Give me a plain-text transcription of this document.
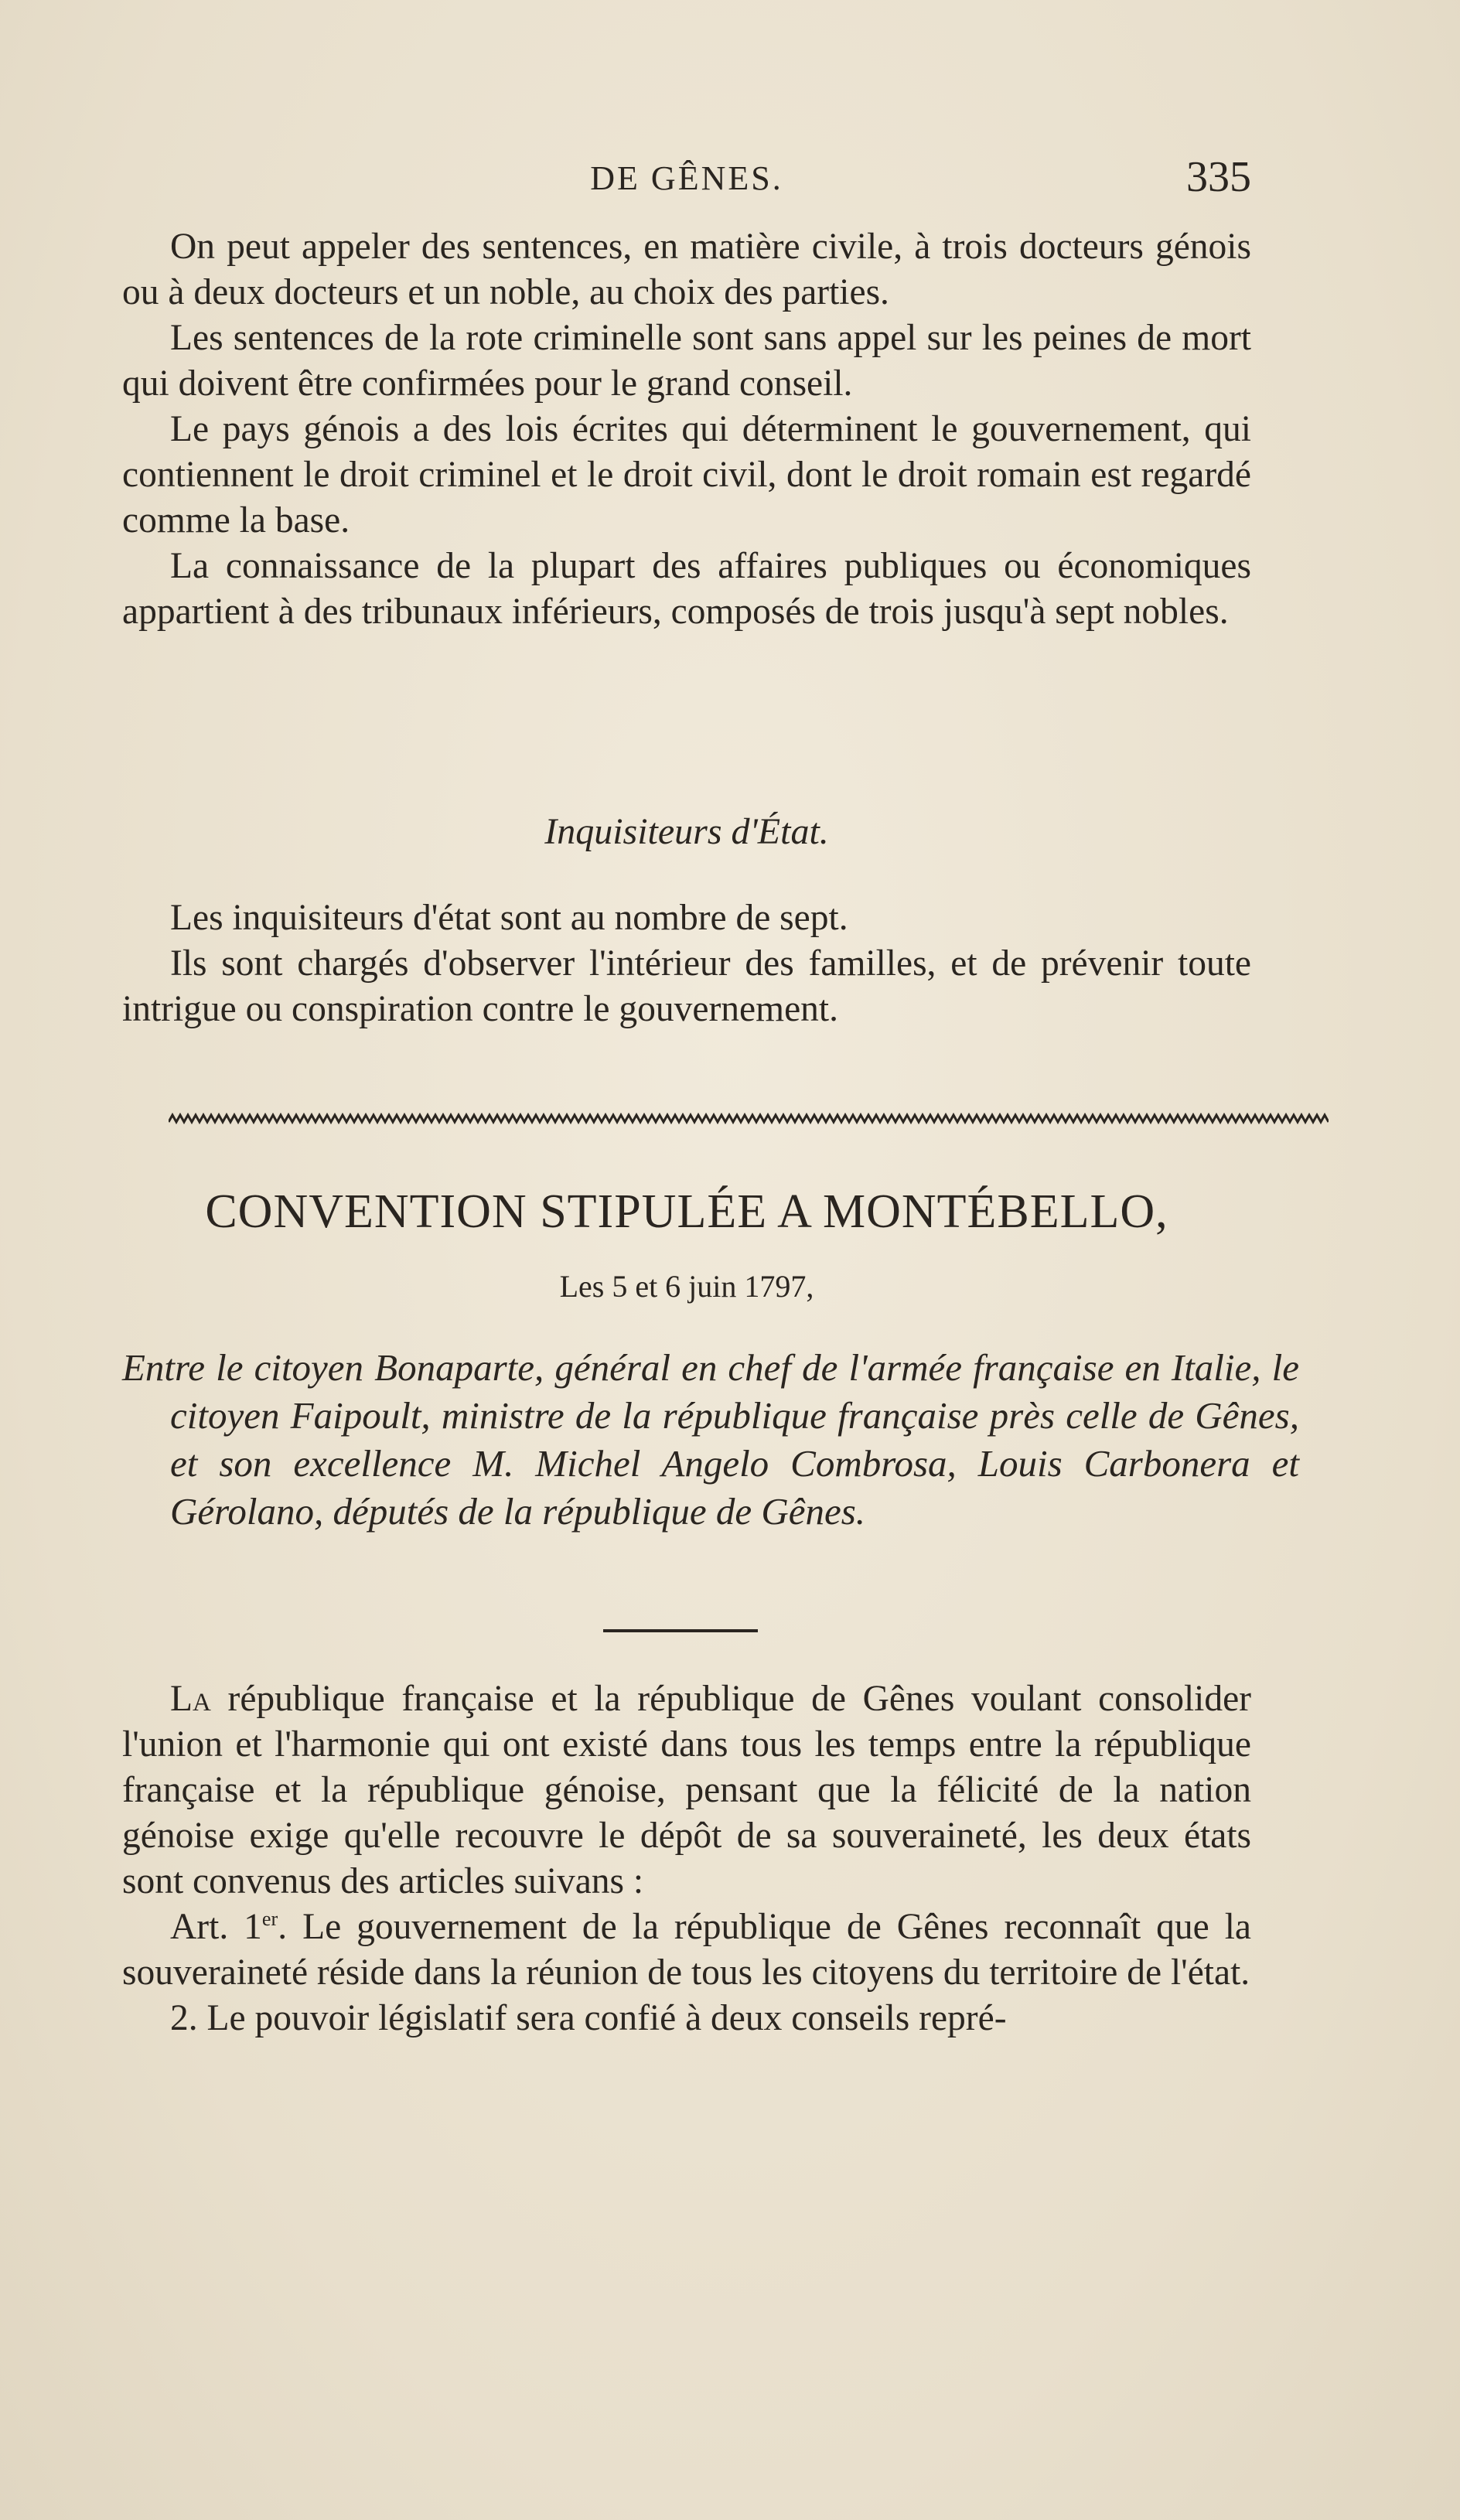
DE GÊNES.	335

On peut appeler des sentences, en matière civile, à trois docteurs génois ou à deux docteurs et un noble, au choix des parties.

Les sentences de la rote criminelle sont sans appel sur les peines de mort qui doivent être confirmées pour le grand conseil.

Le pays génois a des lois écrites qui déterminent le gouvernement, qui contiennent le droit criminel et le droit civil, dont le droit romain est regardé comme la base.

La connaissance de la plupart des affaires publiques ou économiques appartient à des tribunaux inférieurs, composés de trois jusqu'à sept nobles.

Inquisiteurs d'État.

Les inquisiteurs d'état sont au nombre de sept.

Ils sont chargés d'observer l'intérieur des familles, et de prévenir toute intrigue ou conspiration contre le gouvernement.

CONVENTION STIPULÉE A MONTÉBELLO,
Les 5 et 6 juin 1797,
Entre le citoyen Bonaparte, général en chef de l'armée française en Italie, le citoyen Faipoult, ministre de la république française près celle de Gênes, et son excellence M. Michel Angelo Combrosa, Louis Carbonera et Gérolano, députés de la république de Gênes.

La république française et la république de Gênes voulant consolider l'union et l'harmonie qui ont existé dans tous les temps entre la république française et la république génoise, pensant que la félicité de la nation génoise exige qu'elle recouvre le dépôt de sa souveraineté, les deux états sont convenus des articles suivans :

Art. 1er. Le gouvernement de la république de Gênes reconnaît que la souveraineté réside dans la réunion de tous les citoyens du territoire de l'état.

2. Le pouvoir législatif sera confié à deux conseils repré-
